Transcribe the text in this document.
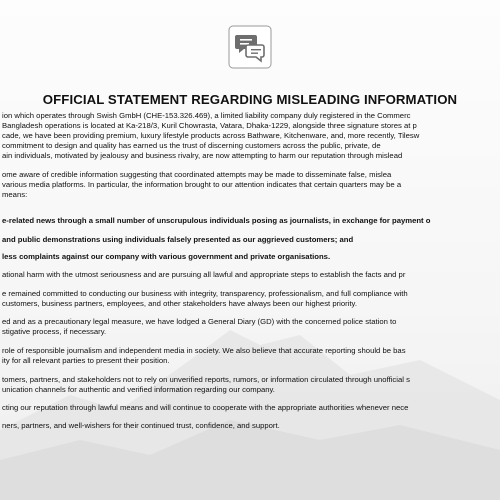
OFFICIAL STATEMENT REGARDING MISLEADING INFORMATION
ion which operates through Swish GmbH (CHE-153.326.469), a limited liability company duly registered in the Commerc
Bangladesh operations is located at Ka-218/3, Kuril Chowrasta, Vatara, Dhaka-1229, alongside three signature stores at p
cade, we have been providing premium, luxury lifestyle products across Bathware, Kitchenware, and, more recently, Tilesw
commitment to design and quality has earned us the trust of discerning customers across the public, private, de
ain individuals, motivated by jealousy and business rivalry, are now attempting to harm our reputation through mislead
ome aware of credible information suggesting that coordinated attempts may be made to disseminate false, mislea
various media platforms. In particular, the information brought to our attention indicates that certain quarters may be a
means:
e-related news through a small number of unscrupulous individuals posing as journalists, in exchange for payment o
and public demonstrations using individuals falsely presented as our aggrieved customers; and
less complaints against our company with various government and private organisations.
ational harm with the utmost seriousness and are pursuing all lawful and appropriate steps to establish the facts and pr
e remained committed to conducting our business with integrity, transparency, professionalism, and full compliance with
customers, business partners, employees, and other stakeholders have always been our highest priority.
ed and as a precautionary legal measure, we have lodged a General Diary (GD) with the concerned police station to
stigative process, if necessary.
role of responsible journalism and independent media in society. We also believe that accurate reporting should be bas
ity for all relevant parties to present their position.
tomers, partners, and stakeholders not to rely on unverified reports, rumors, or information circulated through unofficial s
unication channels for authentic and verified information regarding our company.
cting our reputation through lawful means and will continue to cooperate with the appropriate authorities whenever nece
ners, partners, and well-wishers for their continued trust, confidence, and support.
